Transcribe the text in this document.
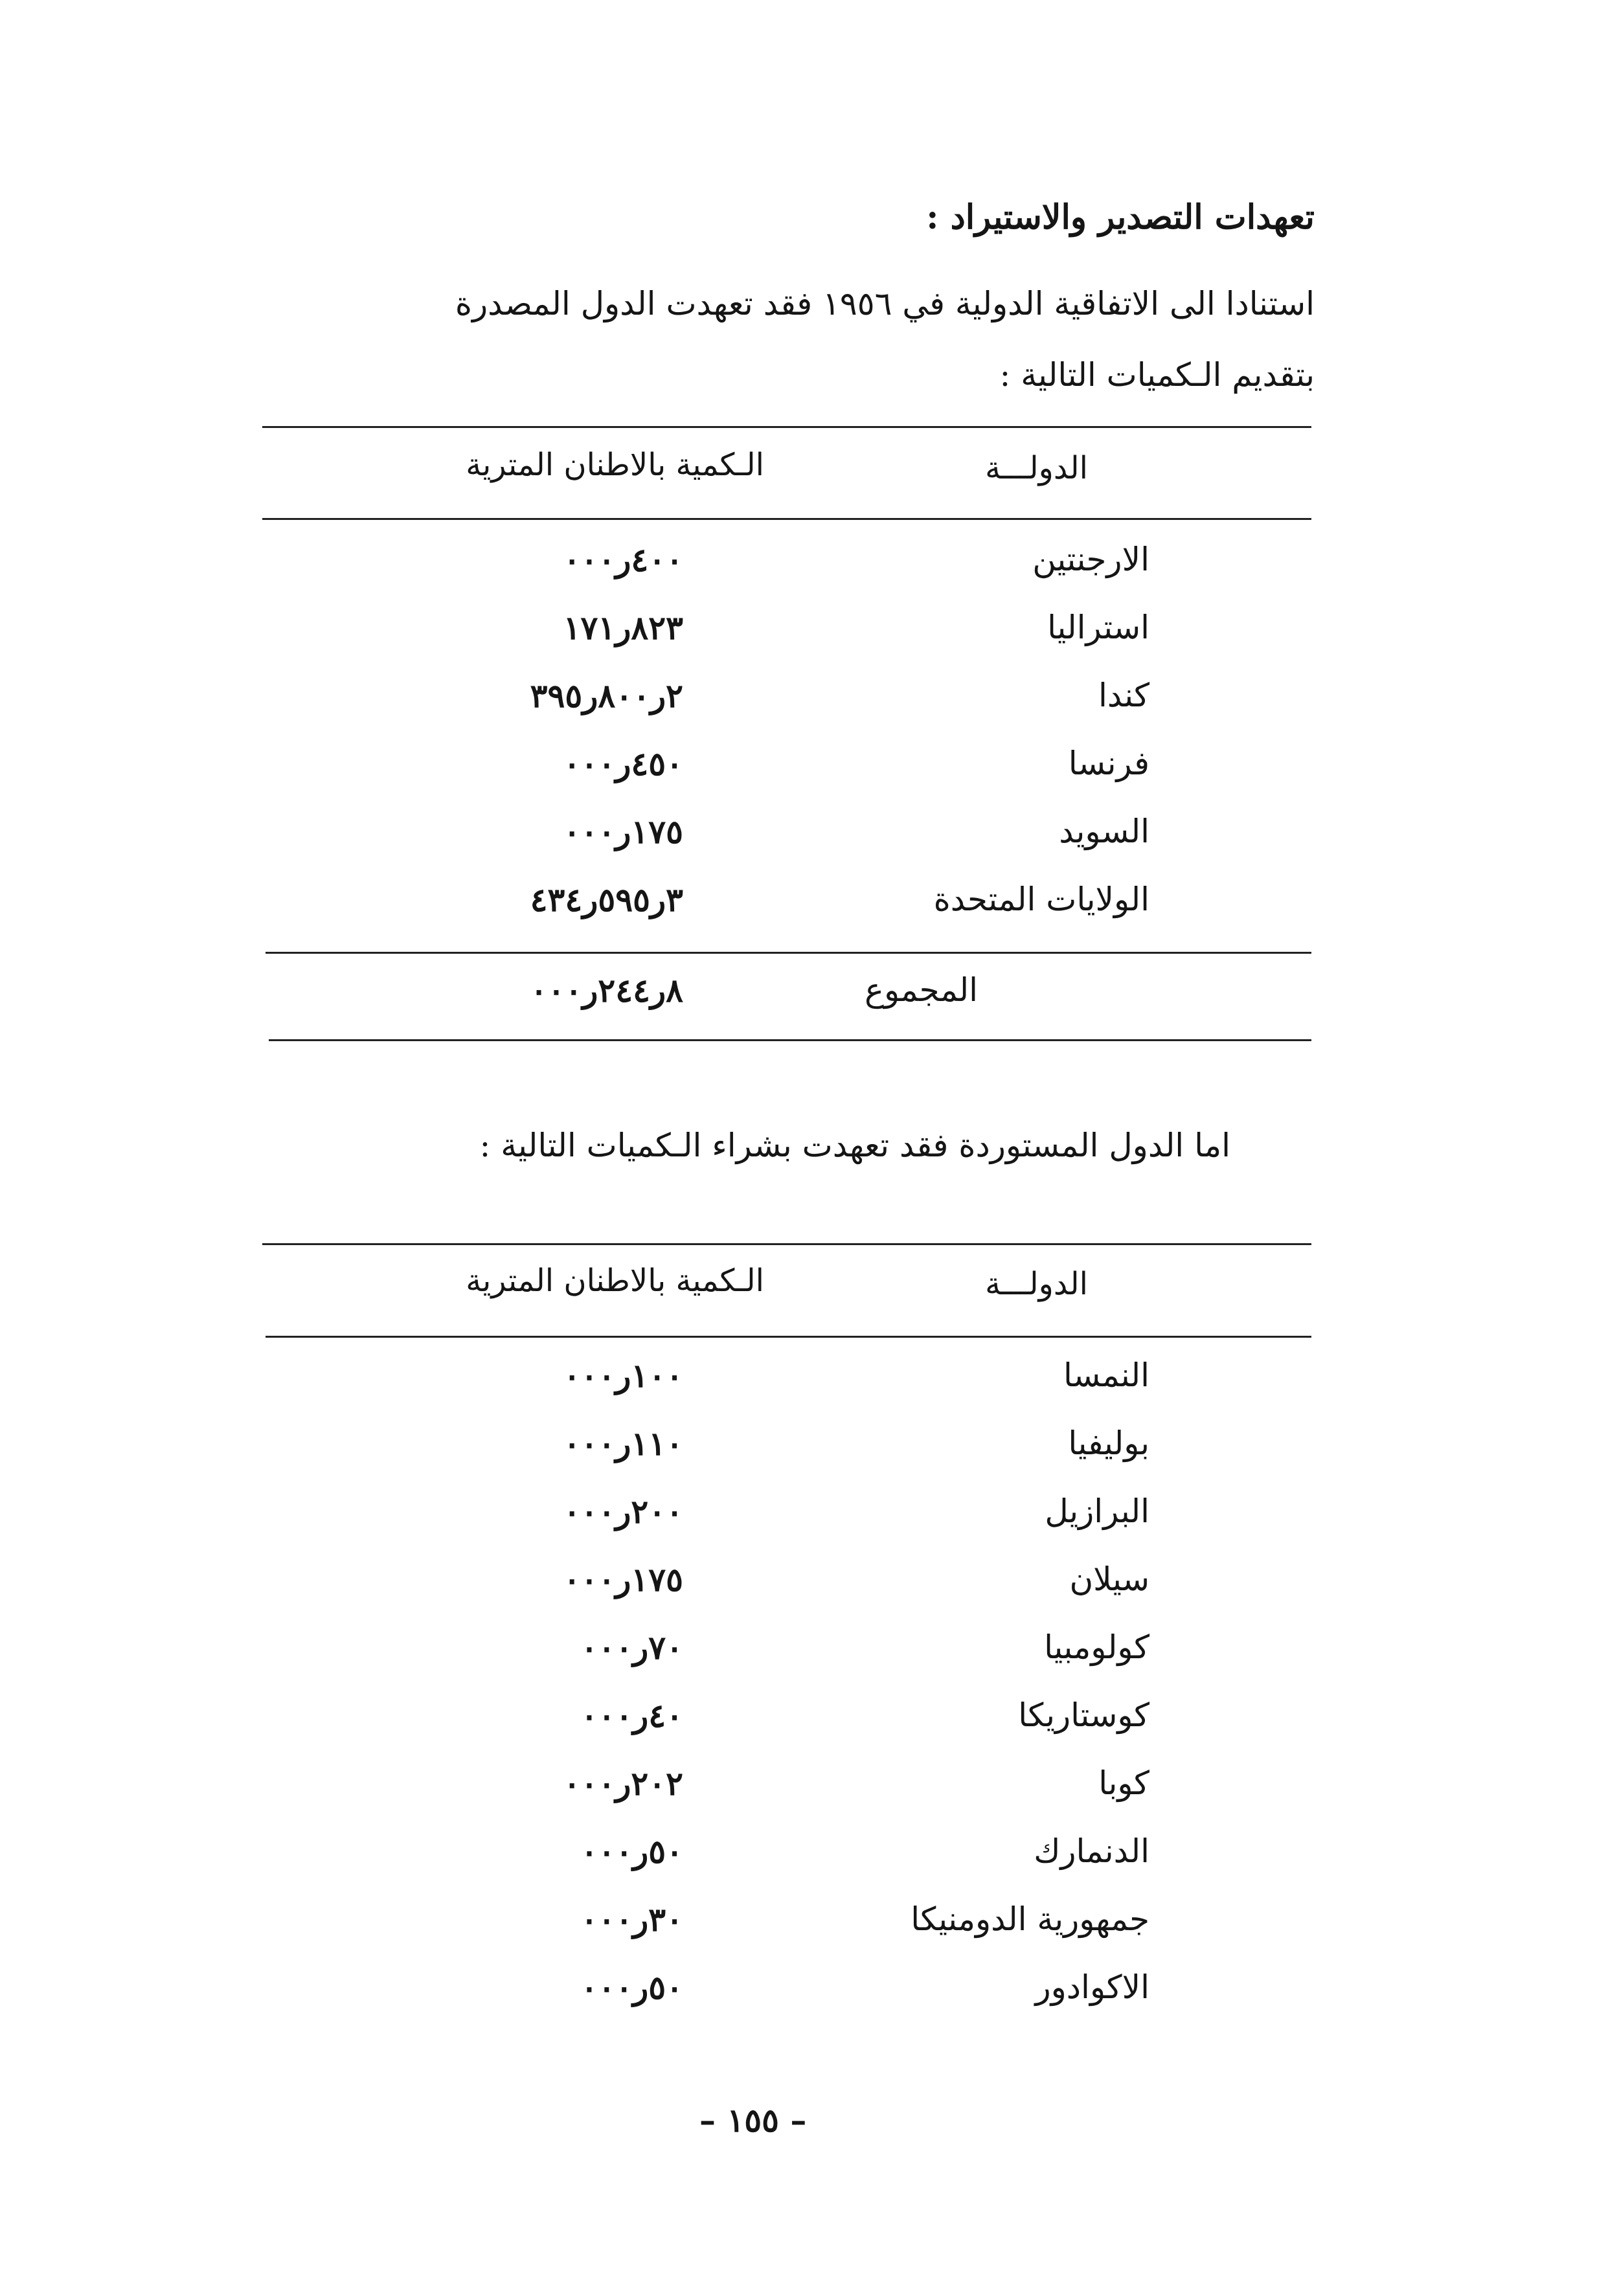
تعهدات التصدير والاستيراد :
استنادا الى الاتفاقية الدولية في ١٩٥٦ فقد تعهدت الدول المصدرة
بتقديم الـكميات التالية :
الدولـــة
الـكمية بالاطنان المترية
الارجنتين
٤٠٠ر٠٠٠
استراليا
٨٢٣ر١٧١
كندا
٢ر٨٠٠ر٣٩٥
فرنسا
٤٥٠ر٠٠٠
السويد
١٧٥ر٠٠٠
الولايات المتحدة
٣ر٥٩٥ر٤٣٤
المجموع
٨ر٢٤٤ر٠٠٠
اما الدول المستوردة فقد تعهدت بشراء الـكميات التالية :
الدولـــة
الـكمية بالاطنان المترية
النمسا
١٠٠ر٠٠٠
بوليفيا
١١٠ر٠٠٠
البرازيل
٢٠٠ر٠٠٠
سيلان
١٧٥ر٠٠٠
كولومبيا
٧٠ر٠٠٠
كوستاريكا
٤٠ر٠٠٠
كوبا
٢٠٢ر٠٠٠
الدنمارك
٥٠ر٠٠٠
جمهورية الدومنيكا
٣٠ر٠٠٠
الاكوادور
٥٠ر٠٠٠
– ١٥٥ –
